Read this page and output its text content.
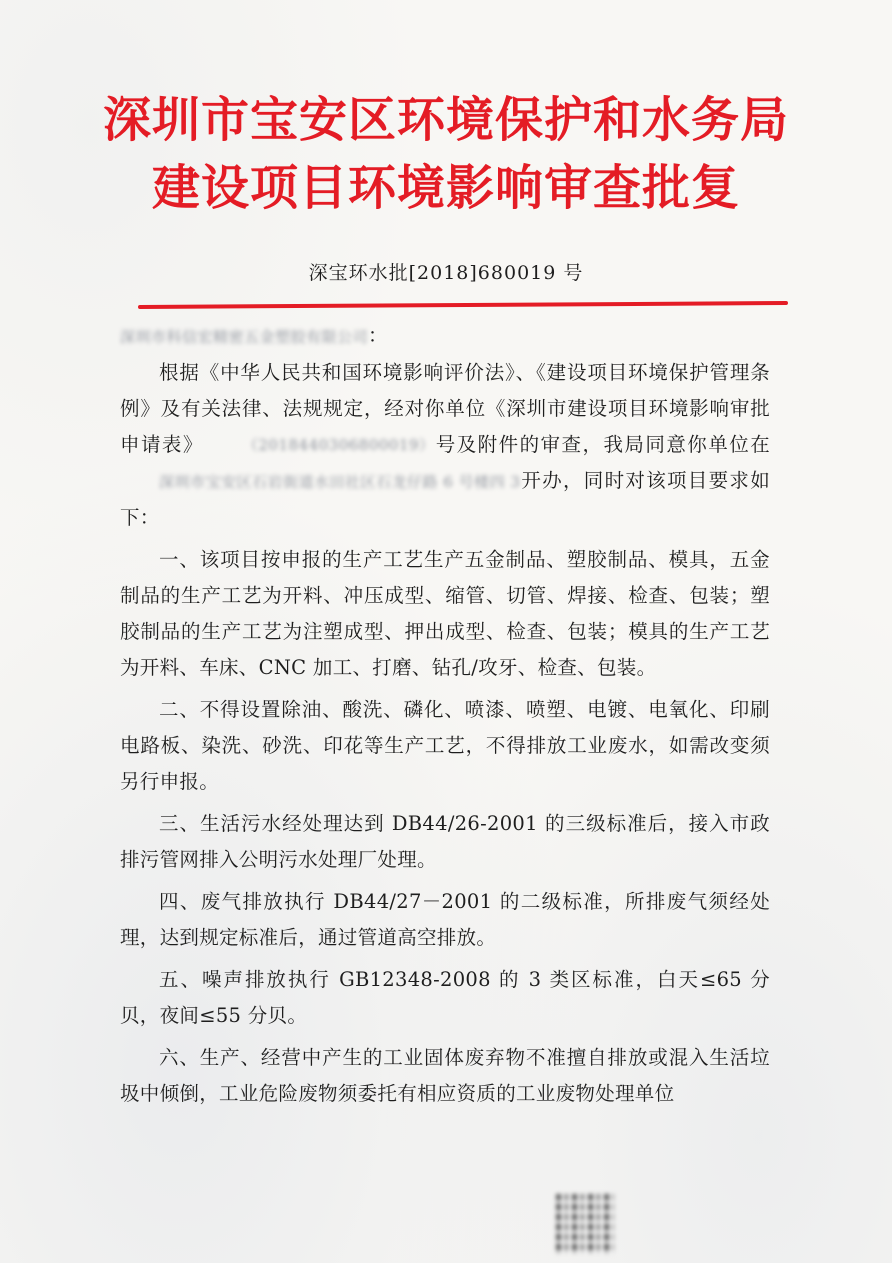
深圳市宝安区环境保护和水务局
建设项目环境影响审查批复
深宝环水批[2018]680019 号
深圳市科信宏精密五金塑胶有限公司：

根据《中华人民共和国环境影响评价法》、《建设项目环境保护管理条例》及有关法律、法规规定，经对你单位《深圳市建设项目环境影响审批申请表》	（2018440306800019）号及附件的审查，我局同意你单位在深圳市宝安区石岩街道水田社区石龙仔路 6 号楼四 3开办，同时对该项目要求如下：

一、该项目按申报的生产工艺生产五金制品、塑胶制品、模具，五金制品的生产工艺为开料、冲压成型、缩管、切管、焊接、检查、包装；塑胶制品的生产工艺为注塑成型、押出成型、检查、包装；模具的生产工艺为开料、车床、CNC 加工、打磨、钻孔/攻牙、检查、包装。

二、不得设置除油、酸洗、磷化、喷漆、喷塑、电镀、电氧化、印刷电路板、染洗、砂洗、印花等生产工艺，不得排放工业废水，如需改变须另行申报。

三、生活污水经处理达到 DB44/26-2001 的三级标准后，接入市政排污管网排入公明污水处理厂处理。

四、废气排放执行 DB44/27－2001 的二级标准，所排废气须经处理，达到规定标准后，通过管道高空排放。

五、噪声排放执行 GB12348-2008 的 3 类区标准，白天≤65 分贝，夜间≤55 分贝。

六、生产、经营中产生的工业固体废弃物不准擅自排放或混入生活垃圾中倾倒，工业危险废物须委托有相应资质的工业废物处理单位
